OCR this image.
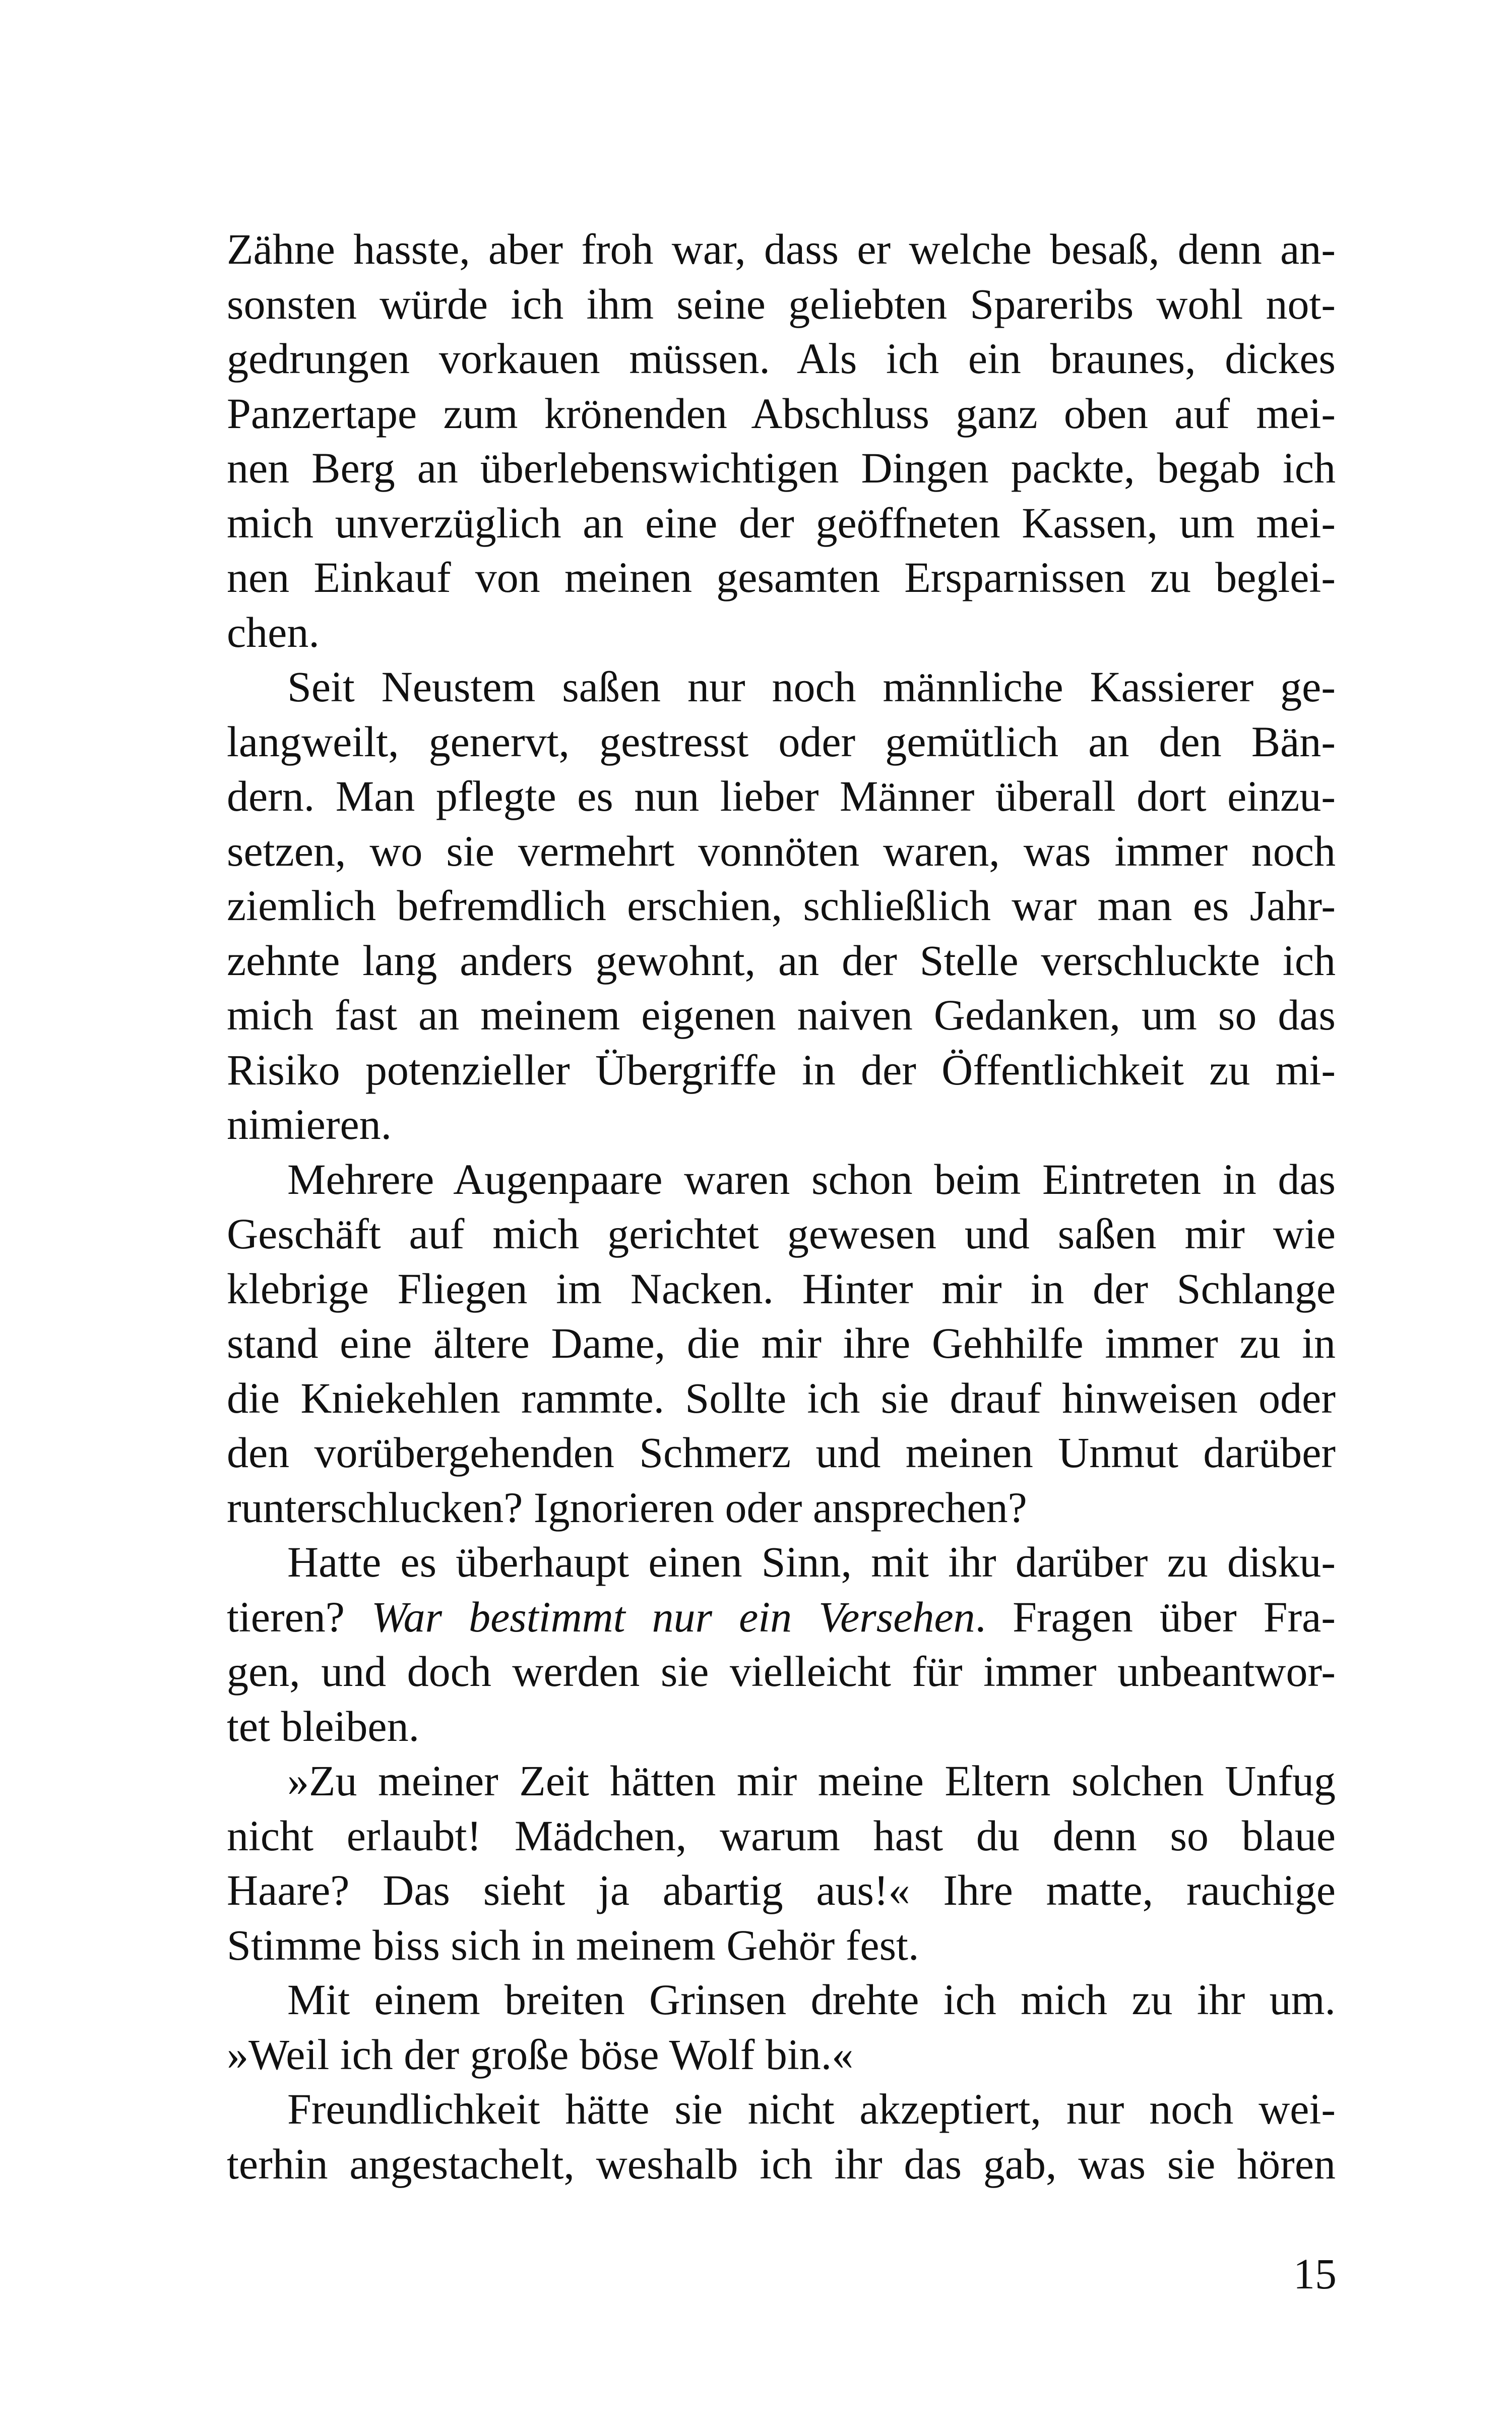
Zähne hasste, aber froh war, dass er welche besaß, denn an-
sonsten würde ich ihm seine geliebten Spareribs wohl not-
gedrungen vorkauen müssen. Als ich ein braunes, dickes
Panzertape zum krönenden Abschluss ganz oben auf mei-
nen Berg an überlebenswichtigen Dingen packte, begab ich
mich unverzüglich an eine der geöffneten Kassen, um mei-
nen Einkauf von meinen gesamten Ersparnissen zu beglei-
chen.
Seit Neustem saßen nur noch männliche Kassierer ge-
langweilt, genervt, gestresst oder gemütlich an den Bän-
dern. Man pflegte es nun lieber Männer überall dort einzu-
setzen, wo sie vermehrt vonnöten waren, was immer noch
ziemlich befremdlich erschien, schließlich war man es Jahr-
zehnte lang anders gewohnt, an der Stelle verschluckte ich
mich fast an meinem eigenen naiven Gedanken, um so das
Risiko potenzieller Übergriffe in der Öffentlichkeit zu mi-
nimieren.
Mehrere Augenpaare waren schon beim Eintreten in das
Geschäft auf mich gerichtet gewesen und saßen mir wie
klebrige Fliegen im Nacken. Hinter mir in der Schlange
stand eine ältere Dame, die mir ihre Gehhilfe immer zu in
die Kniekehlen rammte. Sollte ich sie drauf hinweisen oder
den vorübergehenden Schmerz und meinen Unmut darüber
runterschlucken? Ignorieren oder ansprechen?
Hatte es überhaupt einen Sinn, mit ihr darüber zu disku-
tieren? War bestimmt nur ein Versehen. Fragen über Fra-
gen, und doch werden sie vielleicht für immer unbeantwor-
tet bleiben.
»Zu meiner Zeit hätten mir meine Eltern solchen Unfug
nicht erlaubt! Mädchen, warum hast du denn so blaue
Haare? Das sieht ja abartig aus!« Ihre matte, rauchige
Stimme biss sich in meinem Gehör fest.
Mit einem breiten Grinsen drehte ich mich zu ihr um.
»Weil ich der große böse Wolf bin.«
Freundlichkeit hätte sie nicht akzeptiert, nur noch wei-
terhin angestachelt, weshalb ich ihr das gab, was sie hören
15
